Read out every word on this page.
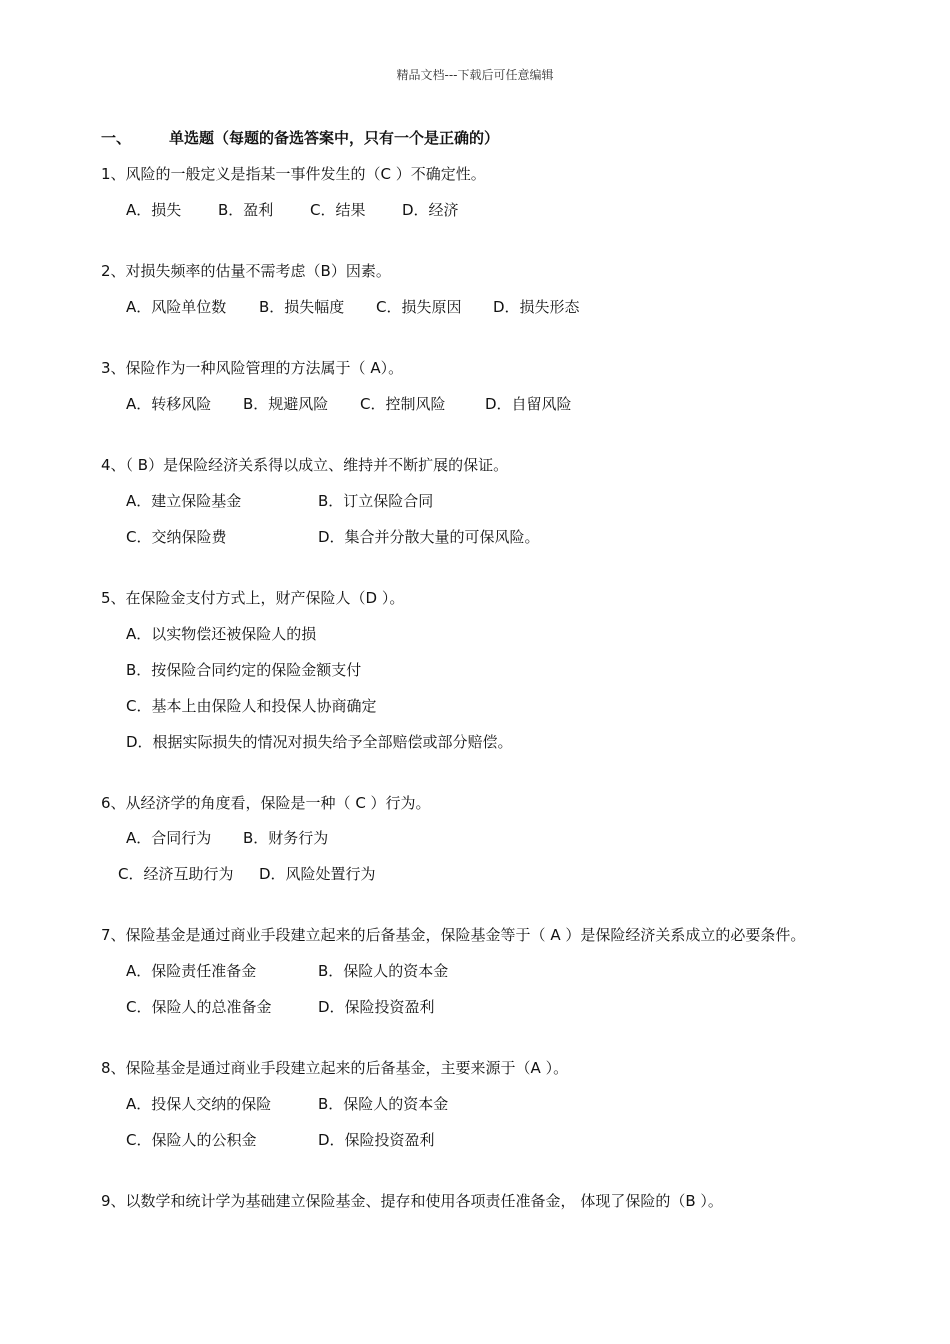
精品文档---下载后可任意编辑
一、	单选题（每题的备选答案中，只有一个是正确的）
1、风险的一般定义是指某一事件发生的（C ）不确定性。
A．损失 B．盈利 C．结果 D．经济
2、对损失频率的估量不需考虑（B）因素。
A．风险单位数 B．损失幅度 C．损失原因 D．损失形态
3、保险作为一种风险管理的方法属于（ A）。
A．转移风险 B．规避风险 C．控制风险	D．自留风险
4、（ B）是保险经济关系得以成立、维持并不断扩展的保证。
A．建立保险基金	B．订立保险合同
C．交纳保险费	D．集合并分散大量的可保风险。
5、在保险金支付方式上，财产保险人（D ）。
A．以实物偿还被保险人的损
B．按保险合同约定的保险金额支付
C．基本上由保险人和投保人协商确定
D．根据实际损失的情况对损失给予全部赔偿或部分赔偿。
6、从经济学的角度看，保险是一种（ C ）行为。
A．合同行为 B．财务行为
C．经济互助行为 D．风险处置行为
7、保险基金是通过商业手段建立起来的后备基金，保险基金等于（ A ）是保险经济关系成立的必要条件。
A．保险责任准备金	B．保险人的资本金
C．保险人的总准备金	D．保险投资盈利
8、保险基金是通过商业手段建立起来的后备基金，主要来源于（A ）。
A．投保人交纳的保险	B．保险人的资本金
C．保险人的公积金	D．保险投资盈利
9、以数学和统计学为基础建立保险基金、提存和使用各项责任准备金， 体现了保险的（B ）。
